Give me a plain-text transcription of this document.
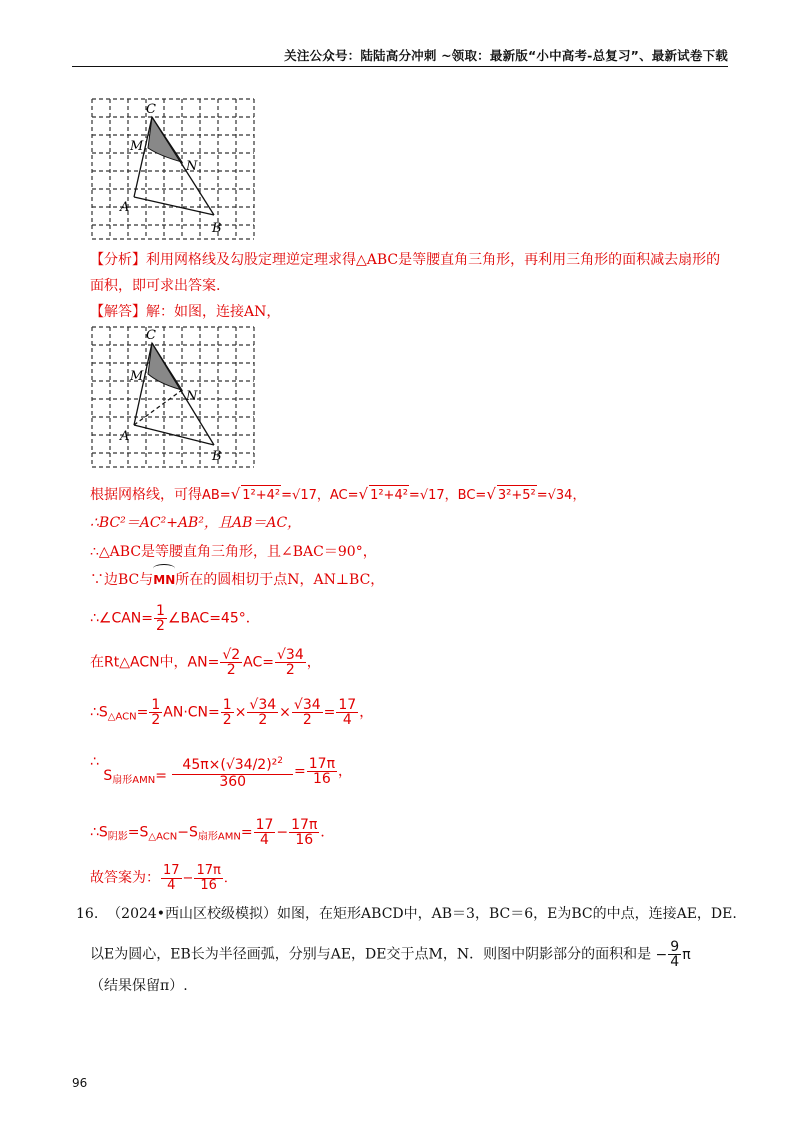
关注公众号：陆陆高分冲刺 ~领取：最新版“小中高考-总复习”、最新试卷下载
C
M
N
A
B
【分析】利用网格线及勾股定理逆定理求得△ABC是等腰直角三角形，再利用三角形的面积减去扇形的
面积，即可求出答案.
【解答】解：如图，连接AN，
C
M
N
A
B
根据网格线，可得AB=√ 1²+4²=√17，AC=√ 1²+4²=√17，BC=√ 3²+5²=√34，
∴BC²＝AC²+AB²，且AB＝AC，
∴△ABC是等腰直角三角形，且∠BAC＝90°，
∵边BC与
MN所在的圆相切于点N，AN⊥BC，
∴∠CAN= $\frac{1}{2}$ ∠BAC=45°．
在Rt△ACN中，$AN= \frac{√2}{2} AC= \frac{√34}{2}$ ，
$\therefore S_{\triangle ACN}= \frac{1}{2} AN\cdot CN= \frac{1}{2} \times \frac{√34}{2} \times \frac{√34}{2} = \frac{17}{4}$ ，
∴ $S_{扇形AMN}= \frac{45\pi\times(√34/2)^2^2}{360} = \frac{17\pi}{16}$ ，
$\therefore S_{阴影}=S_{\triangle ACN}-S_{扇形AMN}= \frac{17}{4} - \frac{17\pi}{16}$ ．
故答案为： $\frac{17}{4} - \frac{17\pi}{16}$ ．
16. （2024•西山区校级模拟）如图，在矩形ABCD中，AB＝3，BC＝6，E为BC的中点，连接AE，DE.
以E为圆心，EB长为半径画弧，分别与AE，DE交于点M，N．则图中阴影部分的面积和是 − $\frac{9}{4}$ π
（结果保留π）.
96
